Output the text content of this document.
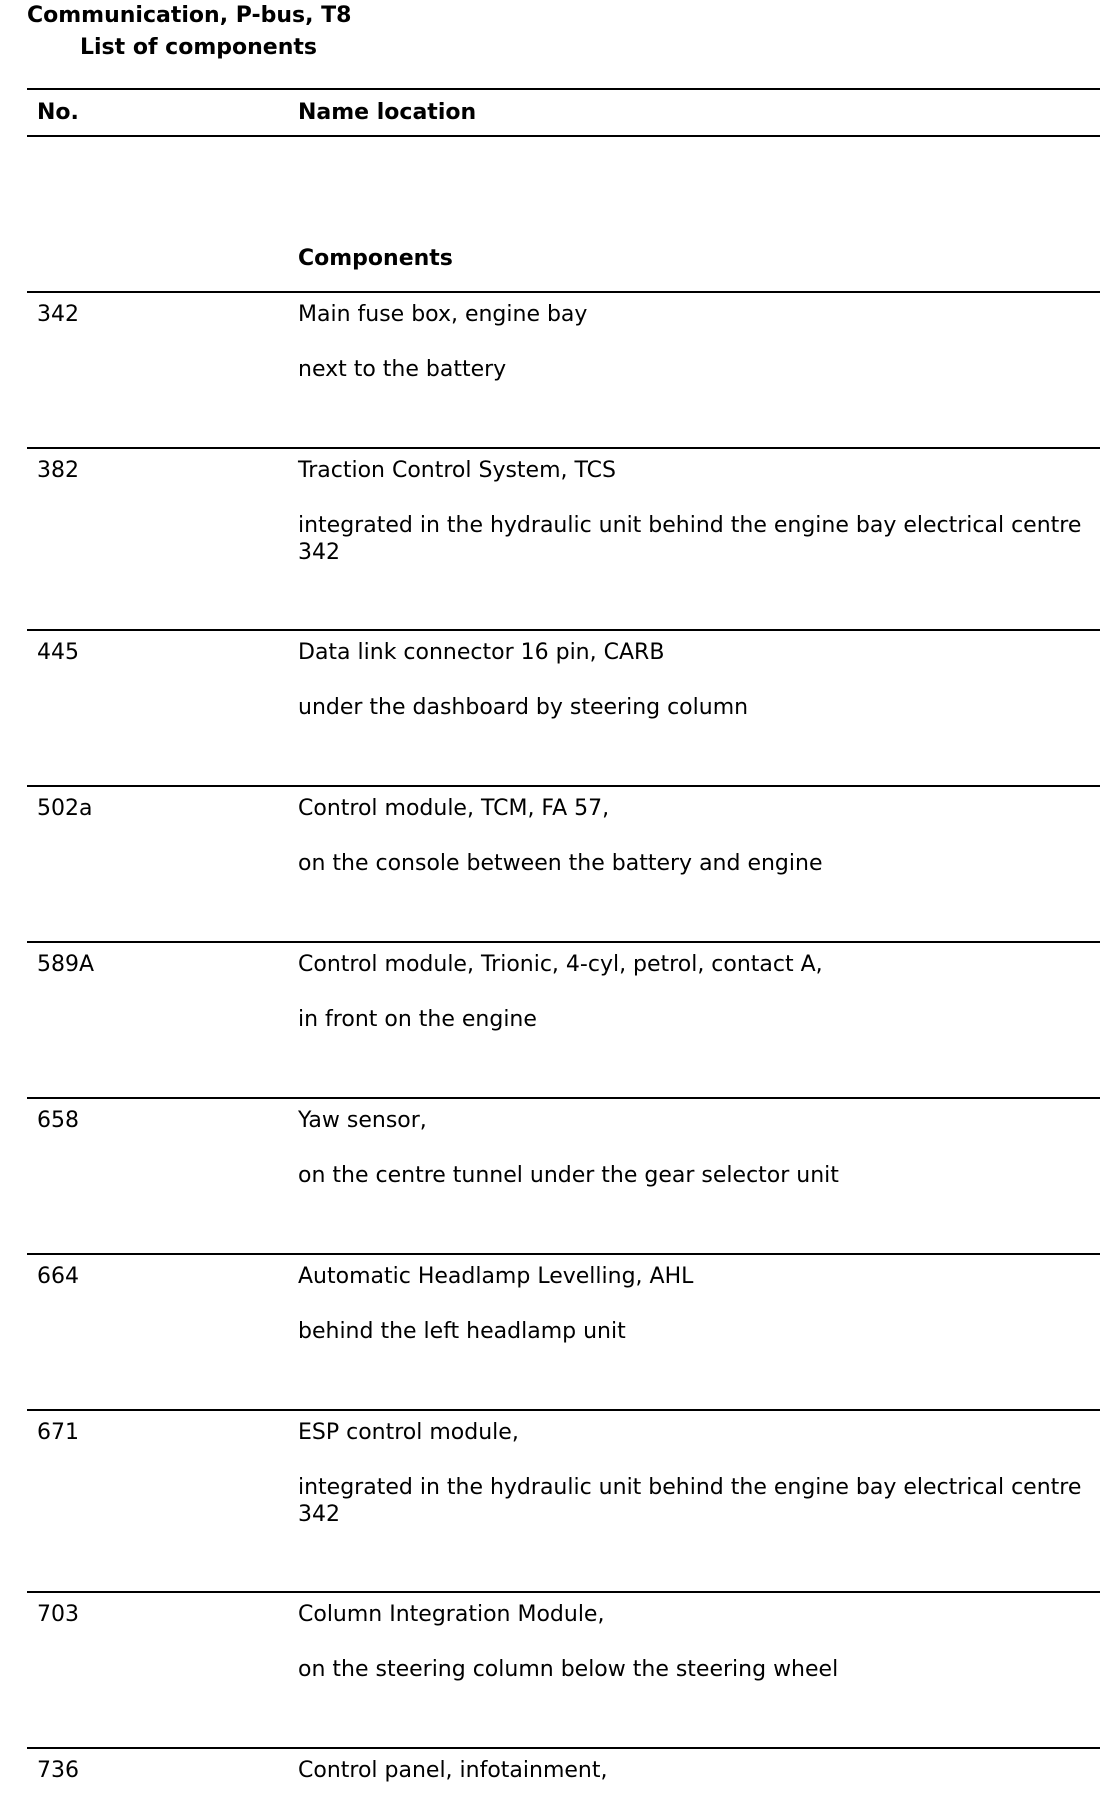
Communication, P-bus, T8
List of components
No.	Name location
Components
342	Main fuse box, engine bay
next to the battery
382	Traction Control System, TCS
integrated in the hydraulic unit behind the engine bay electrical centre 342
445	Data link connector 16 pin, CARB
under the dashboard by steering column
502a	Control module, TCM, FA 57,
on the console between the battery and engine
589A	Control module, Trionic, 4-cyl, petrol, contact A,
in front on the engine
658	Yaw sensor,
on the centre tunnel under the gear selector unit
664	Automatic Headlamp Levelling, AHL
behind the left headlamp unit
671	ESP control module,
integrated in the hydraulic unit behind the engine bay electrical centre 342
703	Column Integration Module,
on the steering column below the steering wheel
736	Control panel, infotainment,
